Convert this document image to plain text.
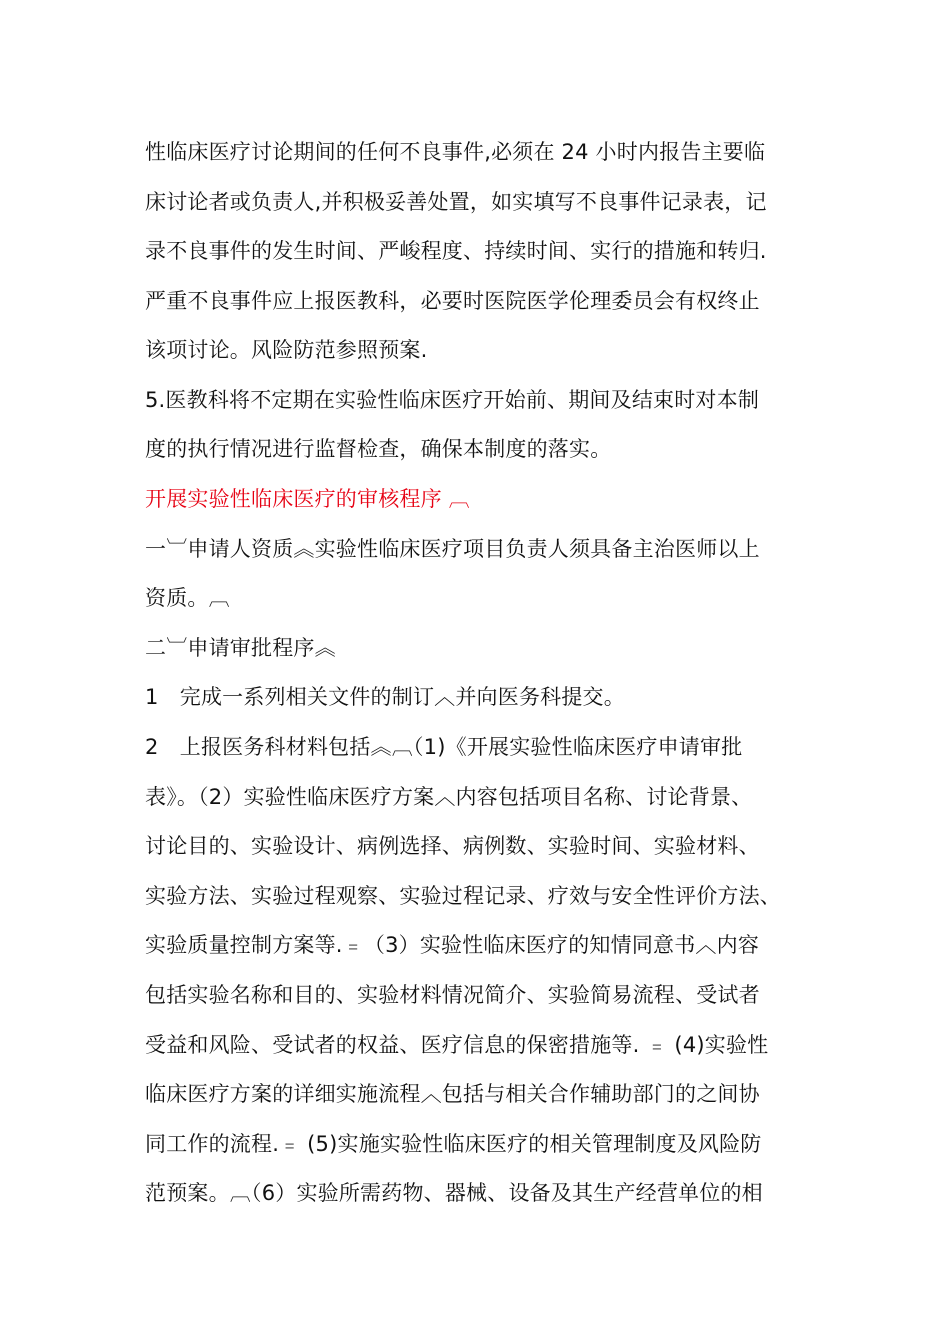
性临床医疗讨论期间的任何不良事件,必须在 24 小时内报告主要临
床讨论者或负责人,并积极妥善处置，如实填写不良事件记录表，记
录不良事件的发生时间、严峻程度、持续时间、实行的措施和转归.
严重不良事件应上报医教科，必要时医院医学伦理委员会有权终止
该项讨论。风险防范参照预案.
5.医教科将不定期在实验性临床医疗开始前、期间及结束时对本制
度的执行情况进行监督检查，确保本制度的落实。
开展实验性临床医疗的审核程序 ︹
一︺申请人资质︽实验性临床医疗项目负责人须具备主治医师以上
资质。︹
二︺申请审批程序︽
1　完成一系列相关文件的制订︿并向医务科提交。
2　上报医务科材料包括︽︹（1)《开展实验性临床医疗申请审批
表》。（2）实验性临床医疗方案︿内容包括项目名称、讨论背景、
讨论目的、实验设计、病例选择、病例数、实验时间、实验材料、
实验方法、实验过程观察、实验过程记录、疗效与安全性评价方法、
实验质量控制方案等.﹦（3）实验性临床医疗的知情同意书︿内容
包括实验名称和目的、实验材料情况简介、实验简易流程、受试者
受益和风险、受试者的权益、医疗信息的保密措施等. ﹦ (4)实验性
临床医疗方案的详细实施流程︿包括与相关合作辅助部门的之间协
同工作的流程.﹦ (5)实施实验性临床医疗的相关管理制度及风险防
范预案。︹（6）实验所需药物、器械、设备及其生产经营单位的相
